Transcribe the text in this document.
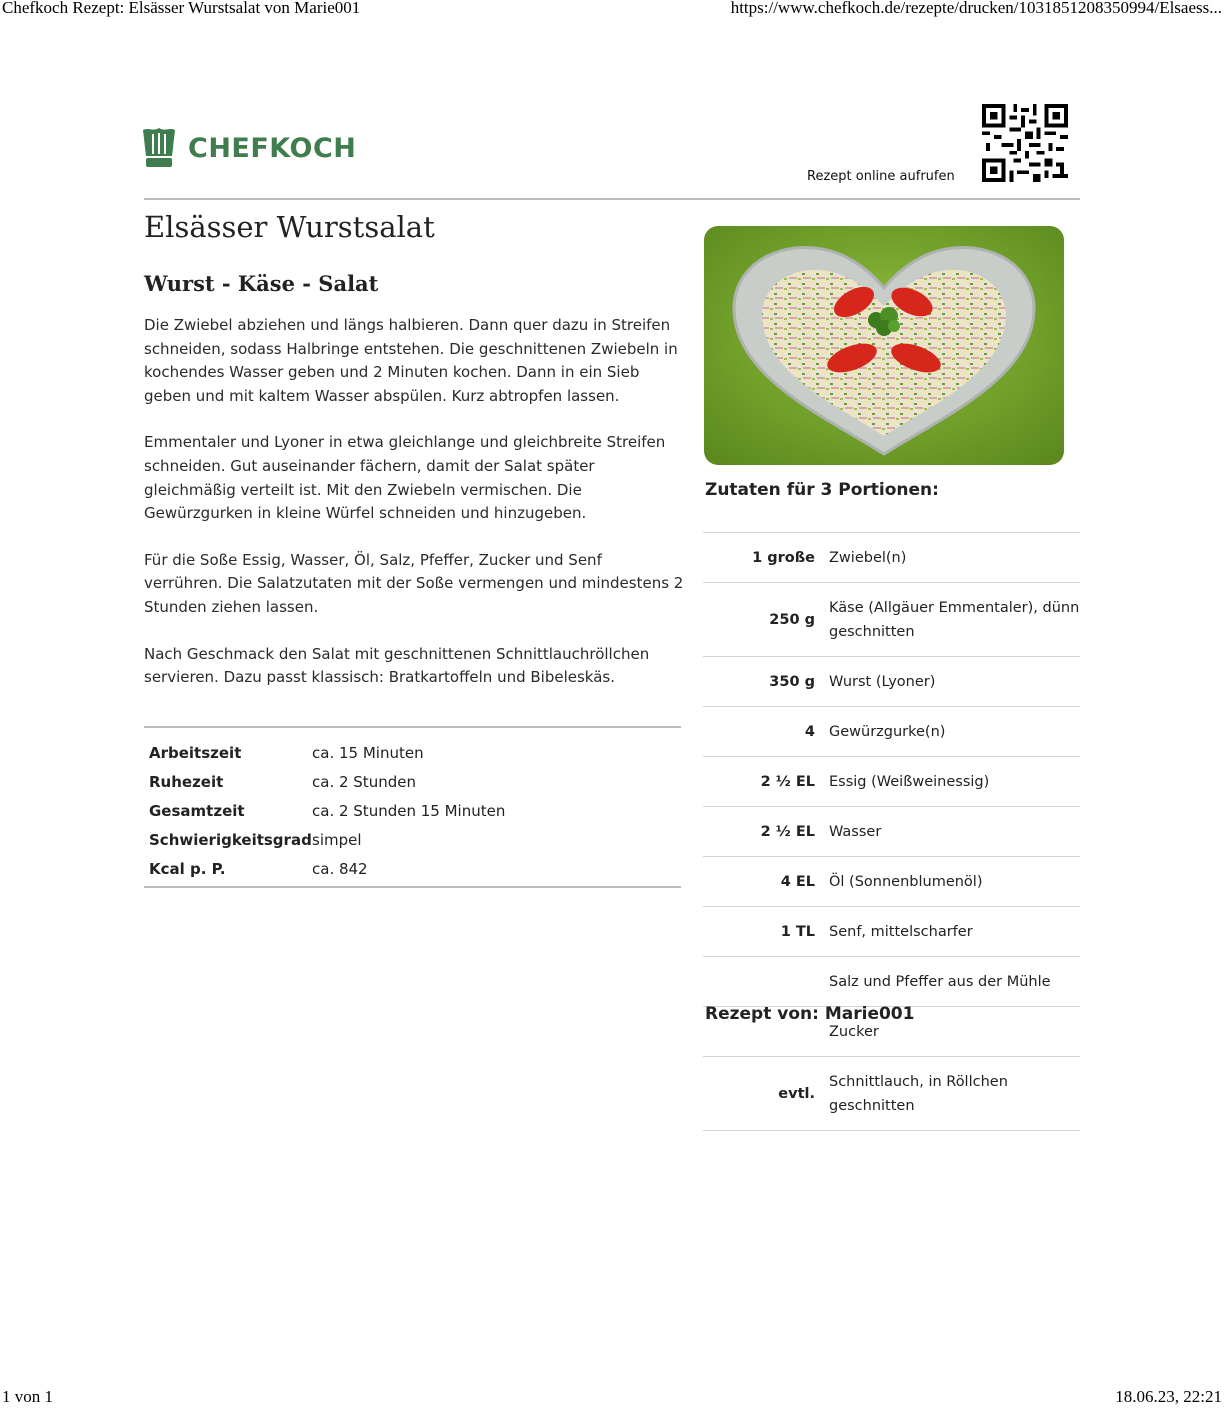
Chefkoch Rezept: Elsässer Wurstsalat von Marie001	https://www.chefkoch.de/rezepte/drucken/1031851208350994/Elsaess...
CHEFKOCH
Rezept online aufrufen
Elsässer Wurstsalat
Wurst - Käse - Salat

Die Zwiebel abziehen und längs halbieren. Dann quer dazu in Streifen schneiden, sodass Halbringe entstehen. Die geschnittenen Zwiebeln in kochendes Wasser geben und 2 Minuten kochen. Dann in ein Sieb geben und mit kaltem Wasser abspülen. Kurz abtropfen lassen.

Emmentaler und Lyoner in etwa gleichlange und gleichbreite Streifen schneiden. Gut auseinander fächern, damit der Salat später gleichmäßig verteilt ist. Mit den Zwiebeln vermischen. Die Gewürzgurken in kleine Würfel schneiden und hinzugeben.

Für die Soße Essig, Wasser, Öl, Salz, Pfeffer, Zucker und Senf verrühren. Die Salatzutaten mit der Soße vermengen und mindestens 2 Stunden ziehen lassen.

Nach Geschmack den Salat mit geschnittenen Schnittlauchröllchen servieren. Dazu passt klassisch: Bratkartoffeln und Bibeleskäs.

Arbeitszeit	ca. 15 Minuten
Ruhezeit	ca. 2 Stunden
Gesamtzeit	ca. 2 Stunden 15 Minuten
Schwierigkeitsgrad	simpel
Kcal p. P.	ca. 842
Zutaten für 3 Portionen:
1 große	Zwiebel(n)
250 g	Käse (Allgäuer Emmentaler), dünn geschnitten
350 g	Wurst (Lyoner)
4	Gewürzgurke(n)
2 ½ EL	Essig (Weißweinessig)
2 ½ EL	Wasser
4 EL	Öl (Sonnenblumenöl)
1 TL	Senf, mittelscharfer
	Salz und Pfeffer aus der Mühle
	Zucker
evtl.	Schnittlauch, in Röllchen geschnitten
Rezept von: Marie001
1 von 1	18.06.23, 22:21
